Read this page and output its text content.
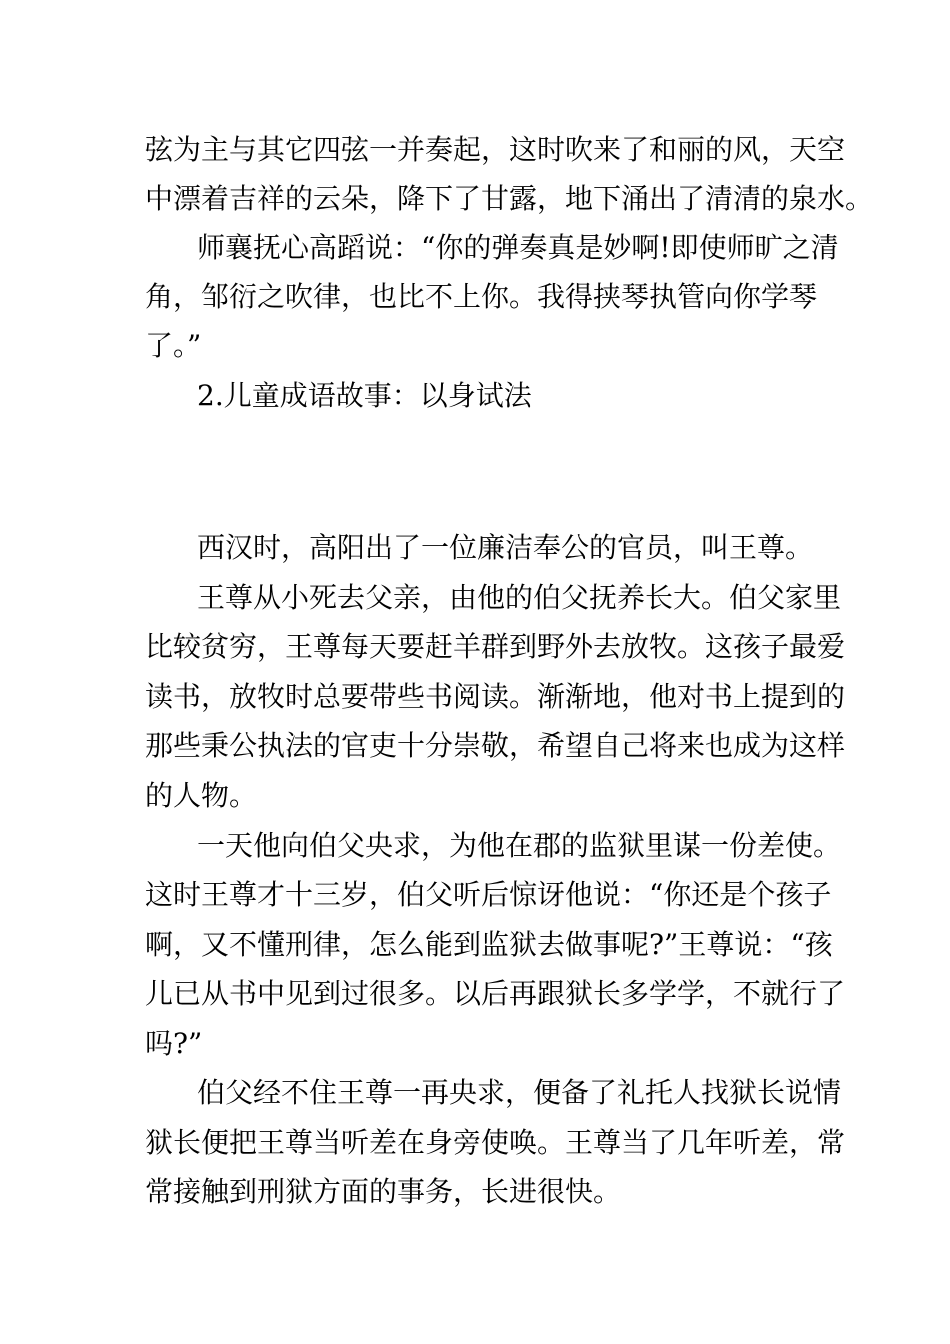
弦为主与其它四弦一并奏起，这时吹来了和丽的风，天空

中漂着吉祥的云朵，降下了甘露，地下涌出了清清的泉水。

师襄抚心高蹈说：“你的弹奏真是妙啊!即使师旷之清

角，邹衍之吹律，也比不上你。我得挟琴执管向你学琴

了。”

2.儿童成语故事：以身试法

西汉时，高阳出了一位廉洁奉公的官员，叫王尊。

王尊从小死去父亲，由他的伯父抚养长大。伯父家里

比较贫穷，王尊每天要赶羊群到野外去放牧。这孩子最爱

读书，放牧时总要带些书阅读。渐渐地，他对书上提到的

那些秉公执法的官吏十分崇敬，希望自己将来也成为这样

的人物。

一天他向伯父央求，为他在郡的监狱里谋一份差使。

这时王尊才十三岁，伯父听后惊讶他说：“你还是个孩子

啊，又不懂刑律，怎么能到监狱去做事呢?”王尊说：“孩

儿已从书中见到过很多。以后再跟狱长多学学，不就行了

吗?”

伯父经不住王尊一再央求，便备了礼托人找狱长说情

狱长便把王尊当听差在身旁使唤。王尊当了几年听差，常

常接触到刑狱方面的事务，长进很快。
